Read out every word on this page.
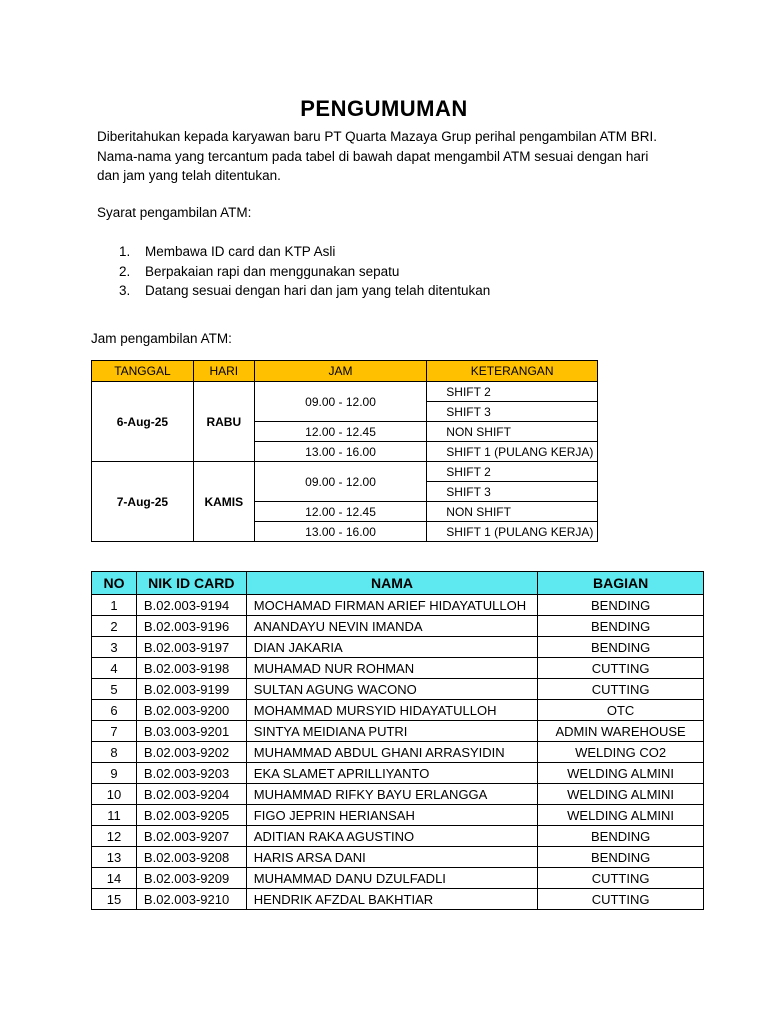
PENGUMUMAN

Diberitahukan kepada karyawan baru PT Quarta Mazaya Grup perihal pengambilan ATM BRI.

Nama-nama yang tercantum pada tabel di bawah dapat mengambil ATM sesuai dengan hari

dan jam yang telah ditentukan.

Syarat pengambilan ATM:
1.	Membawa ID card dan KTP Asli
2.	Berpakaian rapi dan menggunakan sepatu
3.	Datang sesuai dengan hari dan jam yang telah ditentukan
Jam pengambilan ATM:
TANGGAL	HARI	JAM	KETERANGAN
6-Aug-25	RABU	09.00 - 12.00	SHIFT 2
			SHIFT 3
		12.00 - 12.45	NON SHIFT
		13.00 - 16.00	SHIFT 1 (PULANG KERJA)
7-Aug-25	KAMIS	09.00 - 12.00	SHIFT 2
			SHIFT 3
		12.00 - 12.45	NON SHIFT
		13.00 - 16.00	SHIFT 1 (PULANG KERJA)
NO	NIK ID CARD	NAMA	BAGIAN
1	B.02.003-9194	MOCHAMAD FIRMAN ARIEF HIDAYATULLOH	BENDING
2	B.02.003-9196	ANANDAYU NEVIN IMANDA	BENDING
3	B.02.003-9197	DIAN JAKARIA	BENDING
4	B.02.003-9198	MUHAMAD NUR ROHMAN	CUTTING
5	B.02.003-9199	SULTAN AGUNG WACONO	CUTTING
6	B.02.003-9200	MOHAMMAD MURSYID HIDAYATULLOH	OTC
7	B.03.003-9201	SINTYA MEIDIANA PUTRI	ADMIN WAREHOUSE
8	B.02.003-9202	MUHAMMAD ABDUL GHANI ARRASYIDIN	WELDING CO2
9	B.02.003-9203	EKA SLAMET APRILLIYANTO	WELDING ALMINI
10	B.02.003-9204	MUHAMMAD RIFKY BAYU ERLANGGA	WELDING ALMINI
11	B.02.003-9205	FIGO JEPRIN HERIANSAH	WELDING ALMINI
12	B.02.003-9207	ADITIAN RAKA AGUSTINO	BENDING
13	B.02.003-9208	HARIS ARSA DANI	BENDING
14	B.02.003-9209	MUHAMMAD DANU DZULFADLI	CUTTING
15	B.02.003-9210	HENDRIK AFZDAL BAKHTIAR	CUTTING
